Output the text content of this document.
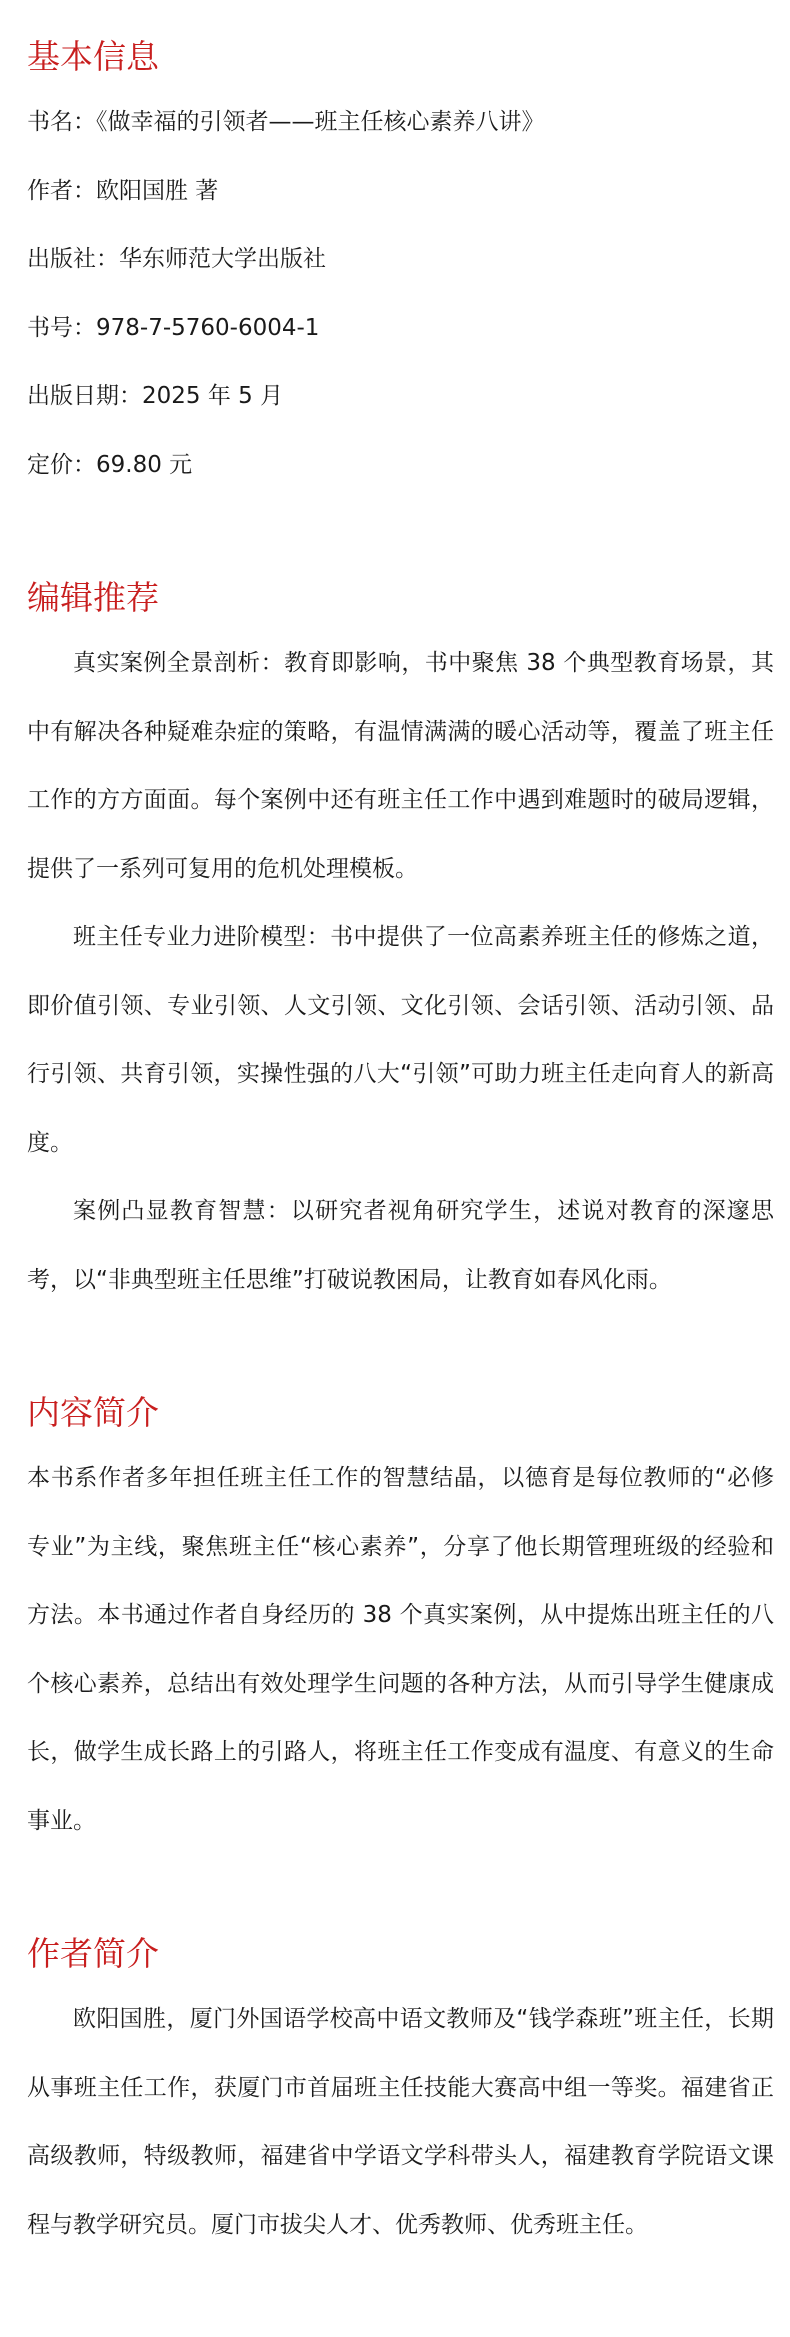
基本信息

书名：《做幸福的引领者——班主任核心素养八讲》

作者：欧阳国胜 著

出版社：华东师范大学出版社

书号：978-7-5760-6004-1

出版日期：2025 年 5 月

定价：69.80 元

编辑推荐

真实案例全景剖析：教育即影响，书中聚焦 38 个典型教育场景，其中有解决各种疑难杂症的策略，有温情满满的暖心活动等，覆盖了班主任工作的方方面面。每个案例中还有班主任工作中遇到难题时的破局逻辑，提供了一系列可复用的危机处理模板。

班主任专业力进阶模型：书中提供了一位高素养班主任的修炼之道，即价值引领、专业引领、人文引领、文化引领、会话引领、活动引领、品行引领、共育引领，实操性强的八大“引领”可助力班主任走向育人的新高度。

案例凸显教育智慧：以研究者视角研究学生，述说对教育的深邃思考，以“非典型班主任思维”打破说教困局，让教育如春风化雨。

内容简介

本书系作者多年担任班主任工作的智慧结晶，以德育是每位教师的“必修专业”为主线，聚焦班主任“核心素养”，分享了他长期管理班级的经验和方法。本书通过作者自身经历的 38 个真实案例，从中提炼出班主任的八个核心素养，总结出有效处理学生问题的各种方法，从而引导学生健康成长，做学生成长路上的引路人，将班主任工作变成有温度、有意义的生命事业。

作者简介

欧阳国胜，厦门外国语学校高中语文教师及“钱学森班”班主任，长期从事班主任工作，获厦门市首届班主任技能大赛高中组一等奖。福建省正高级教师，特级教师，福建省中学语文学科带头人，福建教育学院语文课程与教学研究员。厦门市拔尖人才、优秀教师、优秀班主任。
